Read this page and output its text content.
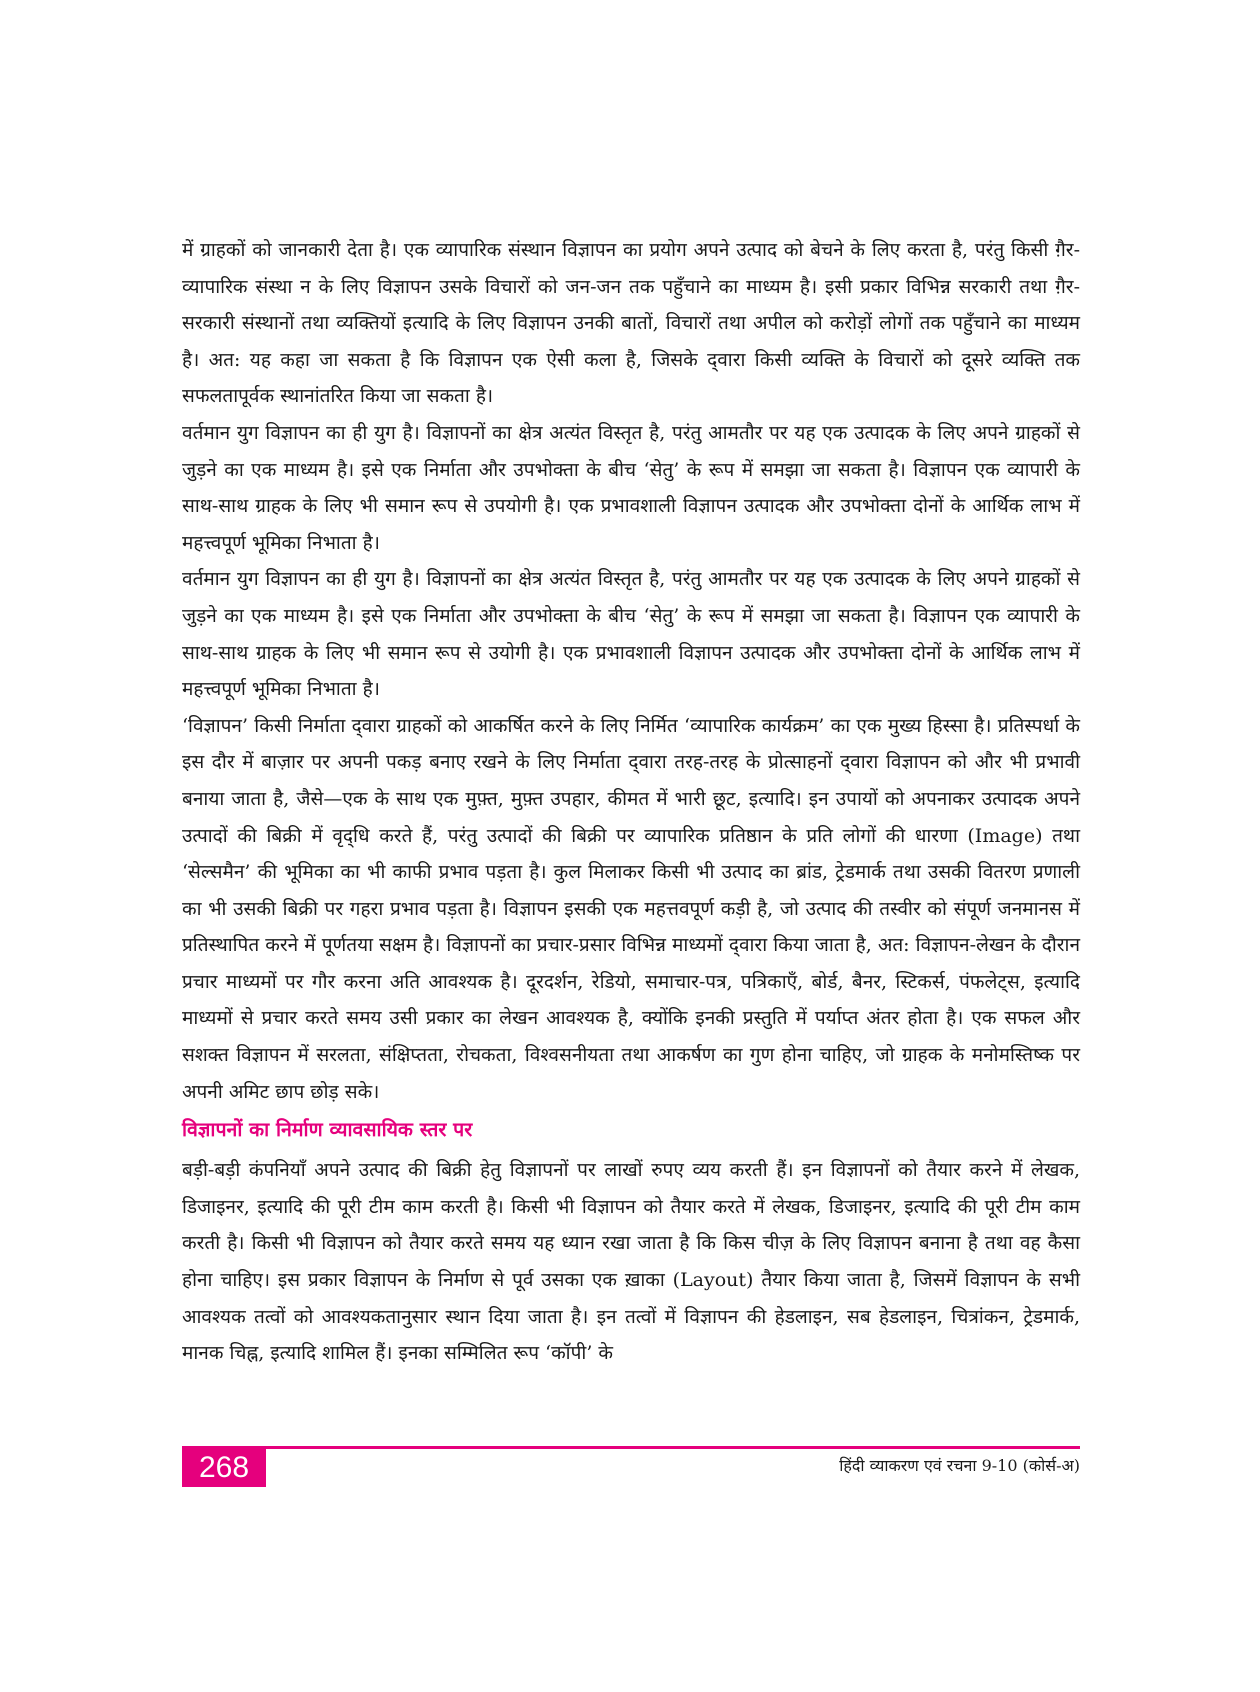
में ग्राहकों को जानकारी देता है। एक व्यापारिक संस्थान विज्ञापन का प्रयोग अपने उत्पाद को बेचने के लिए करता है, परंतु किसी ग़ैर-व्यापारिक संस्था न के लिए विज्ञापन उसके विचारों को जन-जन तक पहुँचाने का माध्यम है। इसी प्रकार विभिन्न सरकारी तथा ग़ैर-सरकारी संस्थानों तथा व्यक्तियों इत्यादि के लिए विज्ञापन उनकी बातों, विचारों तथा अपील को करोड़ों लोगों तक पहुँचाने का माध्यम है। अत: यह कहा जा सकता है कि विज्ञापन एक ऐसी कला है, जिसके द्‌वारा किसी व्यक्ति के विचारों को दूसरे व्यक्ति तक सफलतापूर्वक स्थानांतरित किया जा सकता है।

वर्तमान युग विज्ञापन का ही युग है। विज्ञापनों का क्षेत्र अत्यंत विस्तृत है, परंतु आमतौर पर यह एक उत्पादक के लिए अपने ग्राहकों से जुड़ने का एक माध्यम है। इसे एक निर्माता और उपभोक्ता के बीच ‘सेतु’ के रूप में समझा जा सकता है। विज्ञापन एक व्यापारी के साथ-साथ ग्राहक के लिए भी समान रूप से उपयोगी है। एक प्रभावशाली विज्ञापन उत्पादक और उपभोक्ता दोनों के आर्थिक लाभ में महत्त्वपूर्ण भूमिका निभाता है।

वर्तमान युग विज्ञापन का ही युग है। विज्ञापनों का क्षेत्र अत्यंत विस्तृत है, परंतु आमतौर पर यह एक उत्पादक के लिए अपने ग्राहकों से जुड़ने का एक माध्यम है। इसे एक निर्माता और उपभोक्ता के बीच ‘सेतु’ के रूप में समझा जा सकता है। विज्ञापन एक व्यापारी के साथ-साथ ग्राहक के लिए भी समान रूप से उयोगी है। एक प्रभावशाली विज्ञापन उत्पादक और उपभोक्ता दोनों के आर्थिक लाभ में महत्त्वपूर्ण भूमिका निभाता है।

‘विज्ञापन’ किसी निर्माता द्‌वारा ग्राहकों को आकर्षित करने के लिए निर्मित ‘व्यापारिक कार्यक्रम’ का एक मुख्य हिस्सा है। प्रतिस्पर्धा के इस दौर में बाज़ार पर अपनी पकड़ बनाए रखने के लिए निर्माता द्‌वारा तरह-तरह के प्रोत्साहनों द्‌वारा विज्ञापन को और भी प्रभावी बनाया जाता है, जैसे—एक के साथ एक मुफ़्त, मुफ़्त उपहार, कीमत में भारी छूट, इत्यादि। इन उपायों को अपनाकर उत्पादक अपने उत्पादों की बिक्री में वृद्‌धि करते हैं, परंतु उत्पादों की बिक्री पर व्यापारिक प्रतिष्ठान के प्रति लोगों की धारणा (Image) तथा ‘सेल्समैन’ की भूमिका का भी काफी प्रभाव पड़ता है। कुल मिलाकर किसी भी उत्पाद का ब्रांड, ट्रेडमार्क तथा उसकी वितरण प्रणाली का भी उसकी बिक्री पर गहरा प्रभाव पड़ता है। विज्ञापन इसकी एक महत्तवपूर्ण कड़ी है, जो उत्पाद की तस्वीर को संपूर्ण जनमानस में प्रतिस्थापित करने में पूर्णतया सक्षम है। विज्ञापनों का प्रचार-प्रसार विभिन्न माध्यमों द्‌वारा किया जाता है, अत: विज्ञापन-लेखन के दौरान प्रचार माध्यमों पर गौर करना अति आवश्यक है। दूरदर्शन, रेडियो, समाचार-पत्र, पत्रिकाएँ, बोर्ड, बैनर, स्टिकर्स, पंफलेट्स, इत्यादि माध्यमों से प्रचार करते समय उसी प्रकार का लेखन आवश्यक है, क्योंकि इनकी प्रस्तुति में पर्याप्त अंतर होता है। एक सफल और सशक्त विज्ञापन में सरलता, संक्षिप्तता, रोचकता, विश्वसनीयता तथा आकर्षण का गुण होना चाहिए, जो ग्राहक के मनोमस्तिष्क पर अपनी अमिट छाप छोड़ सके।

विज्ञापनों का निर्माण व्यावसायिक स्तर पर

बड़ी-बड़ी कंपनियाँ अपने उत्पाद की बिक्री हेतु विज्ञापनों पर लाखों रुपए व्यय करती हैं। इन विज्ञापनों को तैयार करने में लेखक, डिजाइनर, इत्यादि की पूरी टीम काम करती है। किसी भी विज्ञापन को तैयार करते में लेखक, डिजाइनर, इत्यादि की पूरी टीम काम करती है। किसी भी विज्ञापन को तैयार करते समय यह ध्यान रखा जाता है कि किस चीज़ के लिए विज्ञापन बनाना है तथा वह कैसा होना चाहिए। इस प्रकार विज्ञापन के निर्माण से पूर्व उसका एक ख़ाका (Layout) तैयार किया जाता है, जिसमें विज्ञापन के सभी आवश्यक तत्वों को आवश्यकतानुसार स्थान दिया जाता है। इन तत्वों में विज्ञापन की हेडलाइन, सब हेडलाइन, चित्रांकन, ट्रेडमार्क, मानक चिह्न, इत्यादि शामिल हैं। इनका सम्मिलित रूप ‘कॉपी’ के

268	हिंदी व्याकरण एवं रचना 9-10 (कोर्स-अ)
